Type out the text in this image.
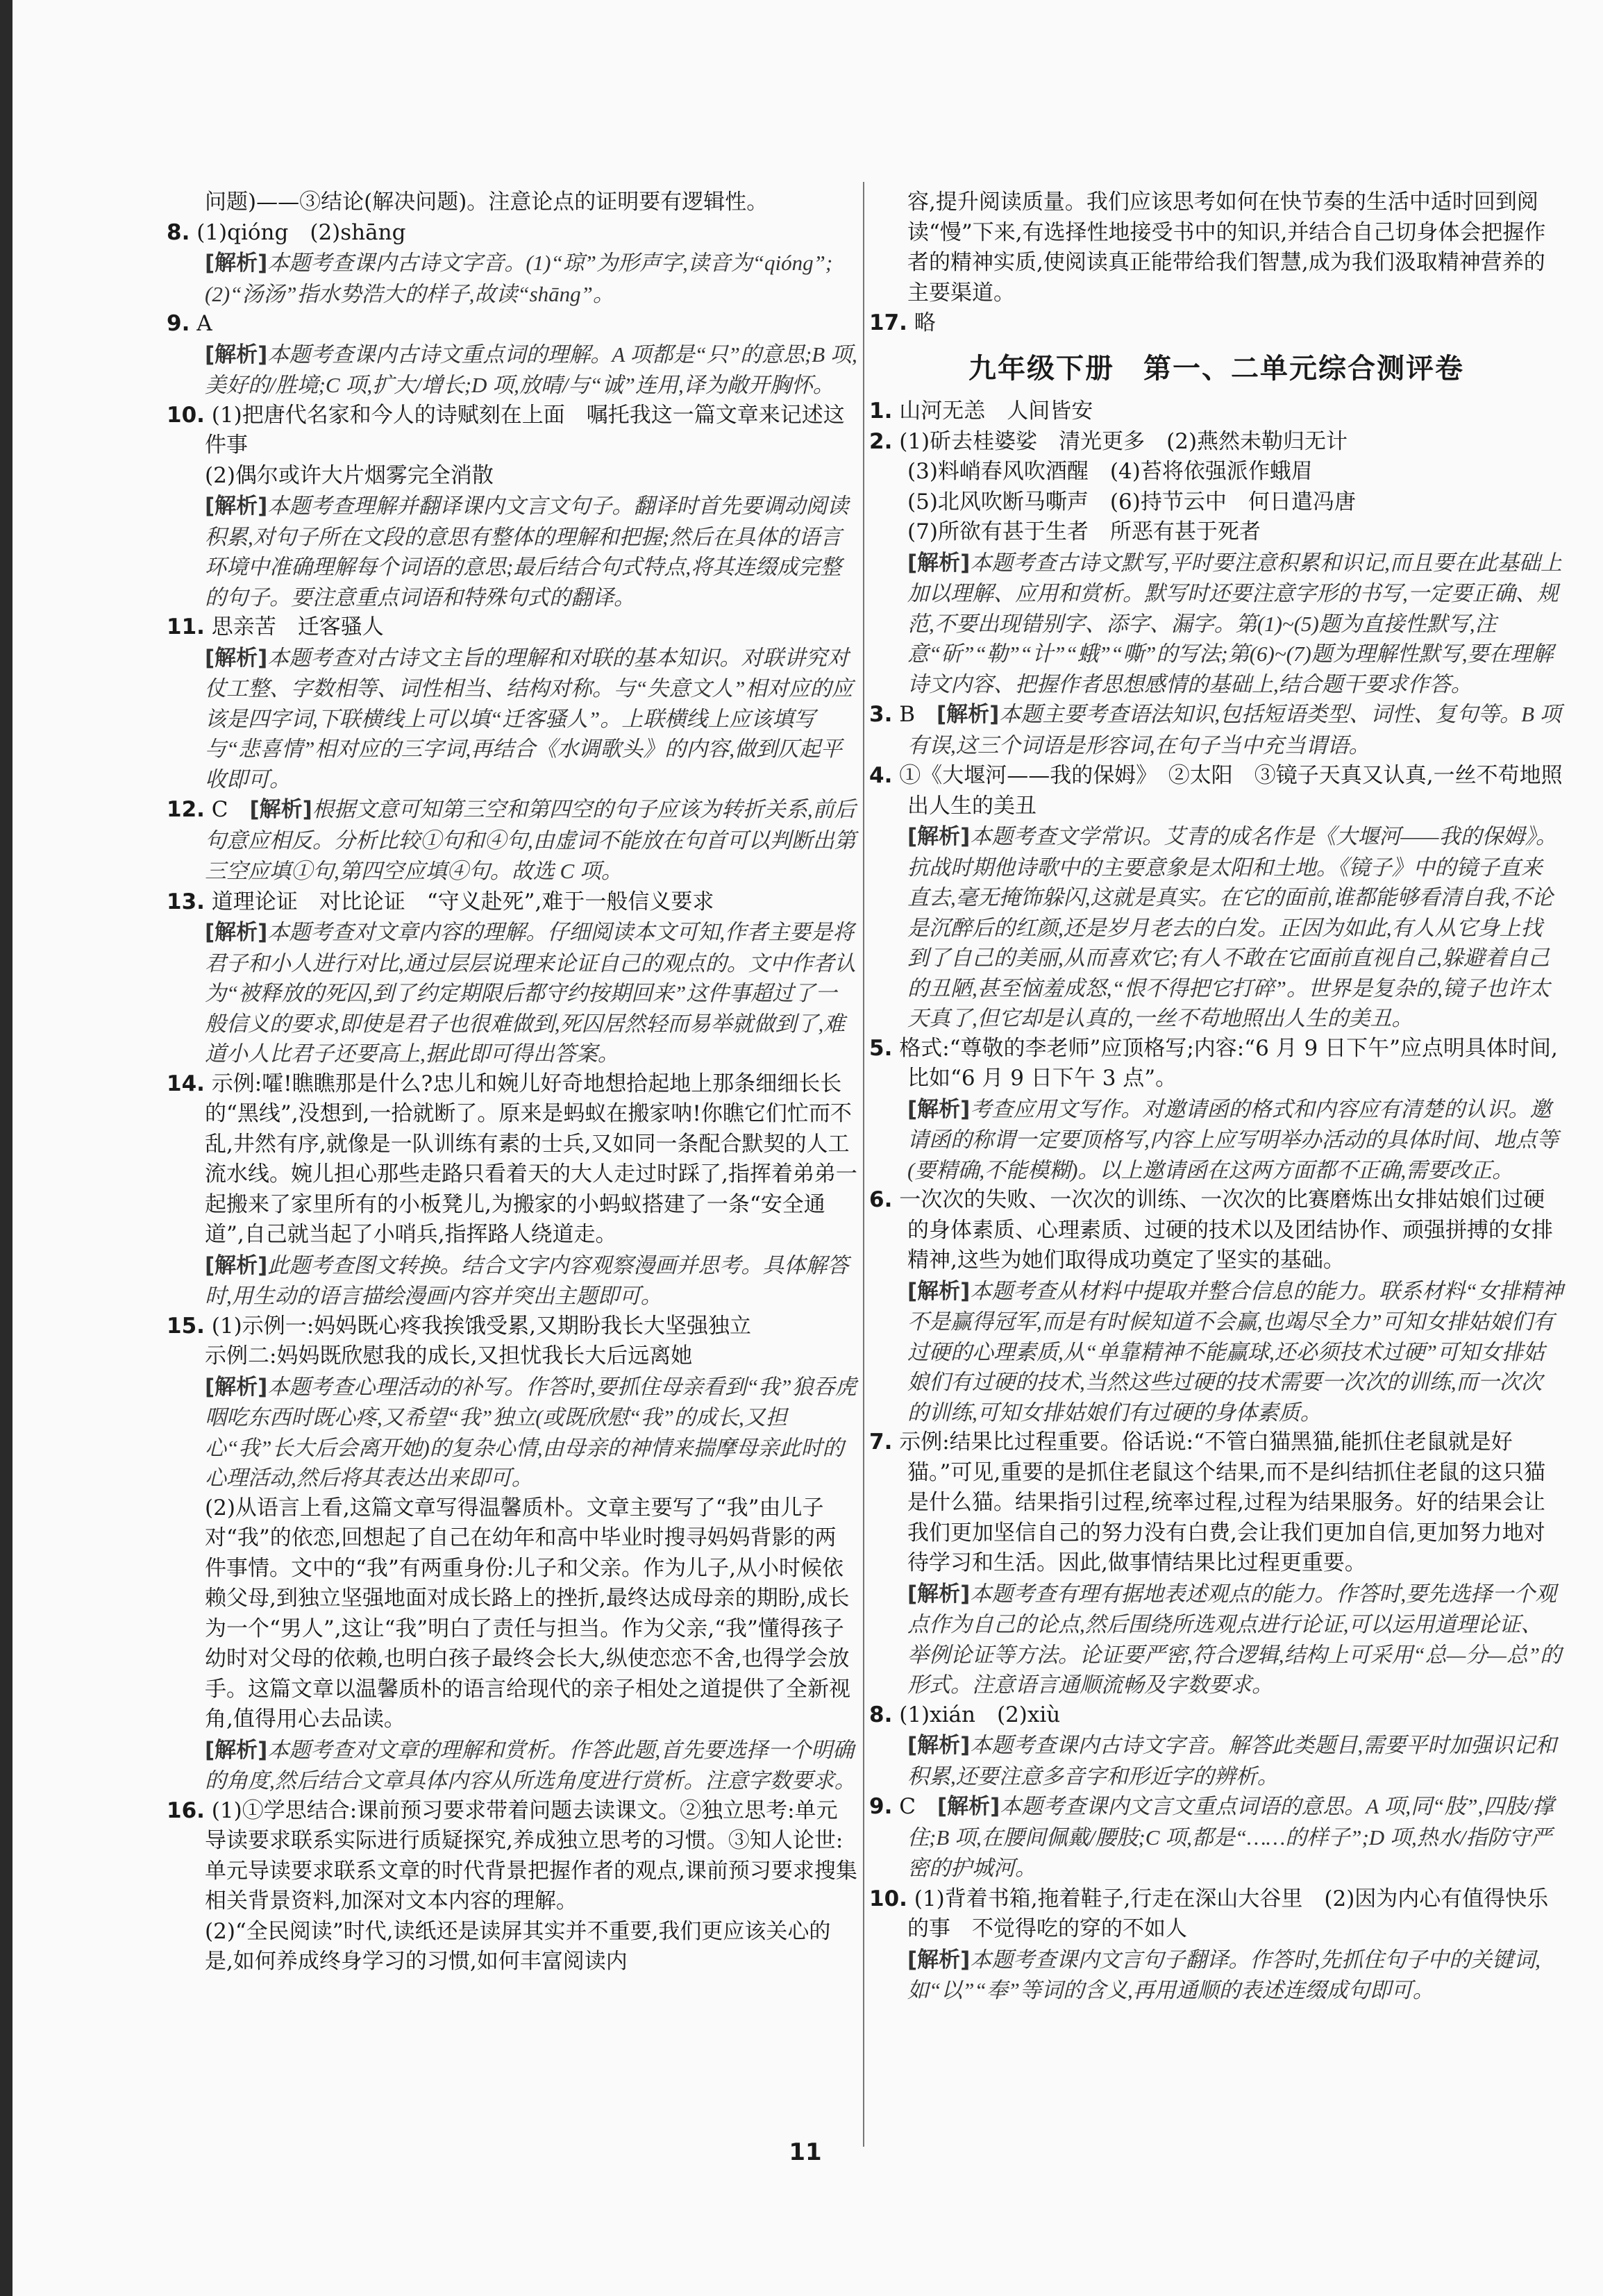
问题)——③结论(解决问题)。注意论点的证明要有逻辑性。
8. (1)qióng　(2)shāng
[解析]本题考查课内古诗文字音。(1)“琼”为形声字,读音为“qióng”;(2)“汤汤”指水势浩大的样子,故读“shāng”。
9. A
[解析]本题考查课内古诗文重点词的理解。A 项都是“只”的意思;B 项,美好的/胜境;C 项,扩大/增长;D 项,放晴/与“诚”连用,译为敞开胸怀。
10. (1)把唐代名家和今人的诗赋刻在上面　嘱托我这一篇文章来记述这件事
(2)偶尔或许大片烟雾完全消散
[解析]本题考查理解并翻译课内文言文句子。翻译时首先要调动阅读积累,对句子所在文段的意思有整体的理解和把握;然后在具体的语言环境中准确理解每个词语的意思;最后结合句式特点,将其连缀成完整的句子。要注意重点词语和特殊句式的翻译。
11. 思亲苦　迁客骚人
[解析]本题考查对古诗文主旨的理解和对联的基本知识。对联讲究对仗工整、字数相等、词性相当、结构对称。与“失意文人”相对应的应该是四字词,下联横线上可以填“迁客骚人”。上联横线上应该填写与“悲喜情”相对应的三字词,再结合《水调歌头》的内容,做到仄起平收即可。
12. C　 [解析]根据文意可知第三空和第四空的句子应该为转折关系,前后句意应相反。分析比较①句和④句,由虚词不能放在句首可以判断出第三空应填①句,第四空应填④句。故选 C 项。
13. 道理论证　对比论证　“守义赴死”,难于一般信义要求
[解析]本题考查对文章内容的理解。仔细阅读本文可知,作者主要是将君子和小人进行对比,通过层层说理来论证自己的观点的。文中作者认为“被释放的死囚,到了约定期限后都守约按期回来”这件事超过了一般信义的要求,即使是君子也很难做到,死囚居然轻而易举就做到了,难道小人比君子还要高上,据此即可得出答案。
14. 示例:嚯!瞧瞧那是什么?忠儿和婉儿好奇地想拾起地上那条细细长长的“黑线”,没想到,一拾就断了。原来是蚂蚁在搬家呐!你瞧它们忙而不乱,井然有序,就像是一队训练有素的士兵,又如同一条配合默契的人工流水线。婉儿担心那些走路只看着天的大人走过时踩了,指挥着弟弟一起搬来了家里所有的小板凳儿,为搬家的小蚂蚁搭建了一条“安全通道”,自己就当起了小哨兵,指挥路人绕道走。
[解析]此题考查图文转换。结合文字内容观察漫画并思考。具体解答时,用生动的语言描绘漫画内容并突出主题即可。
15. (1)示例一:妈妈既心疼我挨饿受累,又期盼我长大坚强独立
示例二:妈妈既欣慰我的成长,又担忧我长大后远离她
[解析]本题考查心理活动的补写。作答时,要抓住母亲看到“我”狼吞虎咽吃东西时既心疼,又希望“我”独立(或既欣慰“我”的成长,又担心“我”长大后会离开她)的复杂心情,由母亲的神情来揣摩母亲此时的心理活动,然后将其表达出来即可。
(2)从语言上看,这篇文章写得温馨质朴。文章主要写了“我”由儿子对“我”的依恋,回想起了自己在幼年和高中毕业时搜寻妈妈背影的两件事情。文中的“我”有两重身份:儿子和父亲。作为儿子,从小时候依赖父母,到独立坚强地面对成长路上的挫折,最终达成母亲的期盼,成长为一个“男人”,这让“我”明白了责任与担当。作为父亲,“我”懂得孩子幼时对父母的依赖,也明白孩子最终会长大,纵使恋恋不舍,也得学会放手。这篇文章以温馨质朴的语言给现代的亲子相处之道提供了全新视角,值得用心去品读。
[解析]本题考查对文章的理解和赏析。作答此题,首先要选择一个明确的角度,然后结合文章具体内容从所选角度进行赏析。注意字数要求。
16. (1)①学思结合:课前预习要求带着问题去读课文。②独立思考:单元导读要求联系实际进行质疑探究,养成独立思考的习惯。③知人论世:单元导读要求联系文章的时代背景把握作者的观点,课前预习要求搜集相关背景资料,加深对文本内容的理解。
(2)“全民阅读”时代,读纸还是读屏其实并不重要,我们更应该关心的是,如何养成终身学习的习惯,如何丰富阅读内
容,提升阅读质量。我们应该思考如何在快节奏的生活中适时回到阅读“慢”下来,有选择性地接受书中的知识,并结合自己切身体会把握作者的精神实质,使阅读真正能带给我们智慧,成为我们汲取精神营养的主要渠道。
17. 略
九年级下册　第一、二单元综合测评卷
1. 山河无恙　人间皆安
2. (1)斫去桂婆娑　清光更多　(2)燕然未勒归无计
(3)料峭春风吹酒醒　(4)苔将依强派作蛾眉
(5)北风吹断马嘶声　(6)持节云中　何日遣冯唐
(7)所欲有甚于生者　所恶有甚于死者
[解析]本题考查古诗文默写,平时要注意积累和识记,而且要在此基础上加以理解、应用和赏析。默写时还要注意字形的书写,一定要正确、规范,不要出现错别字、添字、漏字。第(1)~(5)题为直接性默写,注意“斫”“勒”“计”“蛾”“嘶”的写法;第(6)~(7)题为理解性默写,要在理解诗文内容、把握作者思想感情的基础上,结合题干要求作答。
3. B　 [解析]本题主要考查语法知识,包括短语类型、词性、复句等。B 项有误,这三个词语是形容词,在句子当中充当谓语。
4. ①《大堰河——我的保姆》　②太阳　③镜子天真又认真,一丝不苟地照出人生的美丑
[解析]本题考查文学常识。艾青的成名作是《大堰河——我的保姆》。抗战时期他诗歌中的主要意象是太阳和土地。《镜子》中的镜子直来直去,毫无掩饰躲闪,这就是真实。在它的面前,谁都能够看清自我,不论是沉醉后的红颜,还是岁月老去的白发。正因为如此,有人从它身上找到了自己的美丽,从而喜欢它;有人不敢在它面前直视自己,躲避着自己的丑陋,甚至恼羞成怒,“恨不得把它打碎”。世界是复杂的,镜子也许太天真了,但它却是认真的,一丝不苟地照出人生的美丑。
5. 格式:“尊敬的李老师”应顶格写;内容:“6 月 9 日下午”应点明具体时间,比如“6 月 9 日下午 3 点”。
[解析]考查应用文写作。对邀请函的格式和内容应有清楚的认识。邀请函的称谓一定要顶格写,内容上应写明举办活动的具体时间、地点等(要精确,不能模糊)。以上邀请函在这两方面都不正确,需要改正。
6. 一次次的失败、一次次的训练、一次次的比赛磨炼出女排姑娘们过硬的身体素质、心理素质、过硬的技术以及团结协作、顽强拼搏的女排精神,这些为她们取得成功奠定了坚实的基础。
[解析]本题考查从材料中提取并整合信息的能力。联系材料“女排精神不是赢得冠军,而是有时候知道不会赢,也竭尽全力”可知女排姑娘们有过硬的心理素质,从“单靠精神不能赢球,还必须技术过硬”可知女排姑娘们有过硬的技术,当然这些过硬的技术需要一次次的训练,而一次次的训练,可知女排姑娘们有过硬的身体素质。
7. 示例:结果比过程重要。俗话说:“不管白猫黑猫,能抓住老鼠就是好猫。”可见,重要的是抓住老鼠这个结果,而不是纠结抓住老鼠的这只猫是什么猫。结果指引过程,统率过程,过程为结果服务。好的结果会让我们更加坚信自己的努力没有白费,会让我们更加自信,更加努力地对待学习和生活。因此,做事情结果比过程更重要。
[解析]本题考查有理有据地表述观点的能力。作答时,要先选择一个观点作为自己的论点,然后围绕所选观点进行论证,可以运用道理论证、举例论证等方法。论证要严密,符合逻辑,结构上可采用“总—分—总”的形式。注意语言通顺流畅及字数要求。
8. (1)xián　(2)xiù
[解析]本题考查课内古诗文字音。解答此类题目,需要平时加强识记和积累,还要注意多音字和形近字的辨析。
9. C　 [解析]本题考查课内文言文重点词语的意思。A 项,同“肢”,四肢/撑住;B 项,在腰间佩戴/腰肢;C 项,都是“……的样子”;D 项,热水/指防守严密的护城河。
10. (1)背着书箱,拖着鞋子,行走在深山大谷里　(2)因为内心有值得快乐的事　不觉得吃的穿的不如人
[解析]本题考查课内文言句子翻译。作答时,先抓住句子中的关键词,如“以”“奉”等词的含义,再用通顺的表述连缀成句即可。
11
